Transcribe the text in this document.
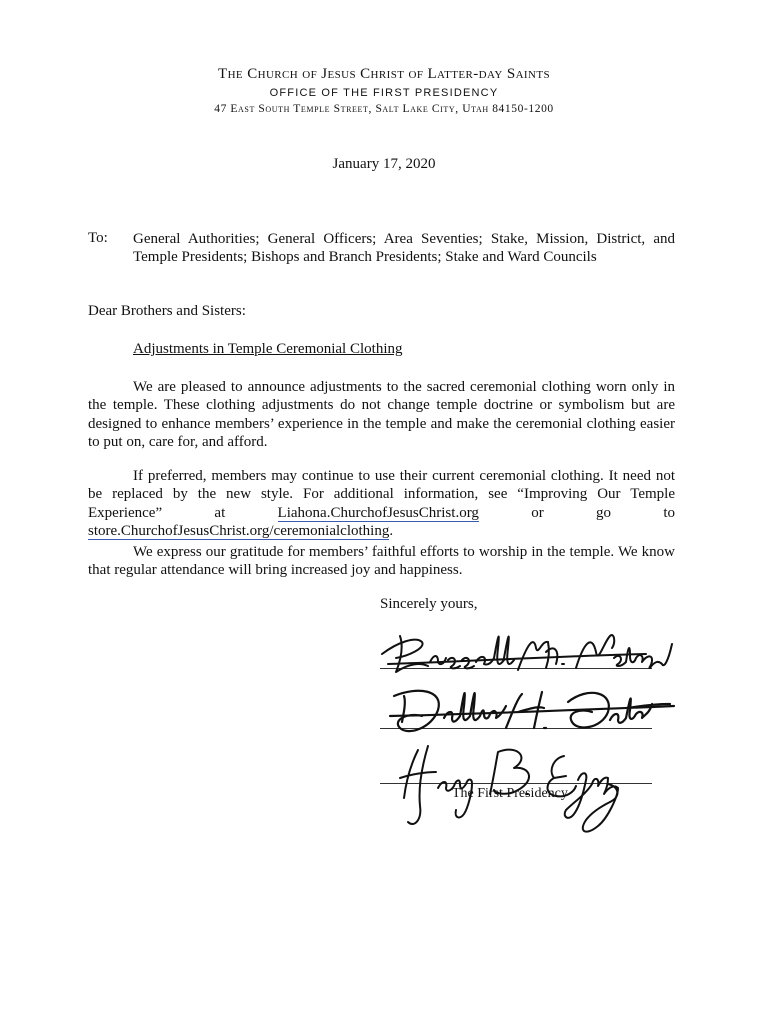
The Church of Jesus Christ of Latter-day Saints
OFFICE OF THE FIRST PRESIDENCY
47 East South Temple Street, Salt Lake City, Utah 84150-1200
January 17, 2020
To: General Authorities; General Officers; Area Seventies; Stake, Mission, District, and Temple Presidents; Bishops and Branch Presidents; Stake and Ward Councils
Dear Brothers and Sisters:
Adjustments in Temple Ceremonial Clothing

We are pleased to announce adjustments to the sacred ceremonial clothing worn only in the temple. These clothing adjustments do not change temple doctrine or symbolism but are designed to enhance members’ experience in the temple and make the ceremonial clothing easier to put on, care for, and afford.

If preferred, members may continue to use their current ceremonial clothing. It need not be replaced by the new style. For additional information, see “Improving Our Temple Experience” at Liahona.ChurchofJesusChrist.org or go to store.ChurchofJesusChrist.org/ceremonialclothing.

We express our gratitude for members’ faithful efforts to worship in the temple. We know that regular attendance will bring increased joy and happiness.

Sincerely yours,
The First Presidency
